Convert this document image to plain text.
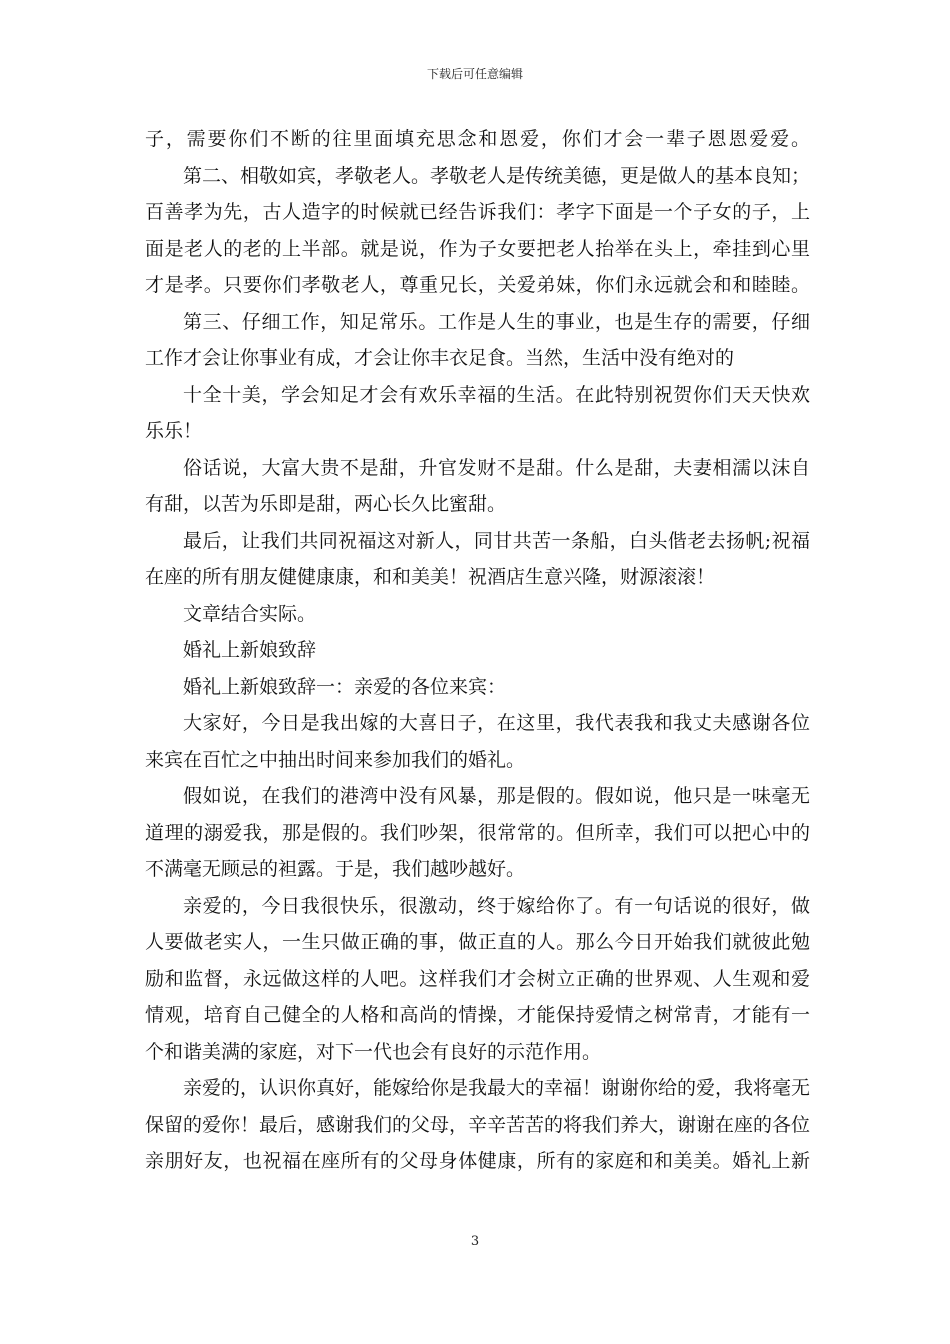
下载后可任意编辑
子，需要你们不断的往里面填充思念和恩爱，你们才会一辈子恩恩爱爱。
第二、相敬如宾，孝敬老人。孝敬老人是传统美德，更是做人的基本良知；
百善孝为先，古人造字的时候就已经告诉我们：孝字下面是一个子女的子，上
面是老人的老的上半部。就是说，作为子女要把老人抬举在头上，牵挂到心里
才是孝。只要你们孝敬老人，尊重兄长，关爱弟妹，你们永远就会和和睦睦。
第三、仔细工作，知足常乐。工作是人生的事业，也是生存的需要，仔细
工作才会让你事业有成，才会让你丰衣足食。当然，生活中没有绝对的
十全十美，学会知足才会有欢乐幸福的生活。在此特别祝贺你们天天快欢
乐乐！
俗话说，大富大贵不是甜，升官发财不是甜。什么是甜，夫妻相濡以沫自
有甜，以苦为乐即是甜，两心长久比蜜甜。
最后，让我们共同祝福这对新人，同甘共苦一条船，白头偕老去扬帆;祝福
在座的所有朋友健健康康，和和美美！祝酒店生意兴隆，财源滚滚！
文章结合实际。
婚礼上新娘致辞
婚礼上新娘致辞一：亲爱的各位来宾：
大家好，今日是我出嫁的大喜日子，在这里，我代表我和我丈夫感谢各位
来宾在百忙之中抽出时间来参加我们的婚礼。
假如说，在我们的港湾中没有风暴，那是假的。假如说，他只是一味毫无
道理的溺爱我，那是假的。我们吵架，很常常的。但所幸，我们可以把心中的
不满毫无顾忌的袒露。于是，我们越吵越好。
亲爱的，今日我很快乐，很激动，终于嫁给你了。有一句话说的很好，做
人要做老实人，一生只做正确的事，做正直的人。那么今日开始我们就彼此勉
励和监督，永远做这样的人吧。这样我们才会树立正确的世界观、人生观和爱
情观，培育自己健全的人格和高尚的情操，才能保持爱情之树常青，才能有一
个和谐美满的家庭，对下一代也会有良好的示范作用。
亲爱的，认识你真好，能嫁给你是我最大的幸福！谢谢你给的爱，我将毫无
保留的爱你！最后，感谢我们的父母，辛辛苦苦的将我们养大，谢谢在座的各位
亲朋好友，也祝福在座所有的父母身体健康，所有的家庭和和美美。婚礼上新
3
